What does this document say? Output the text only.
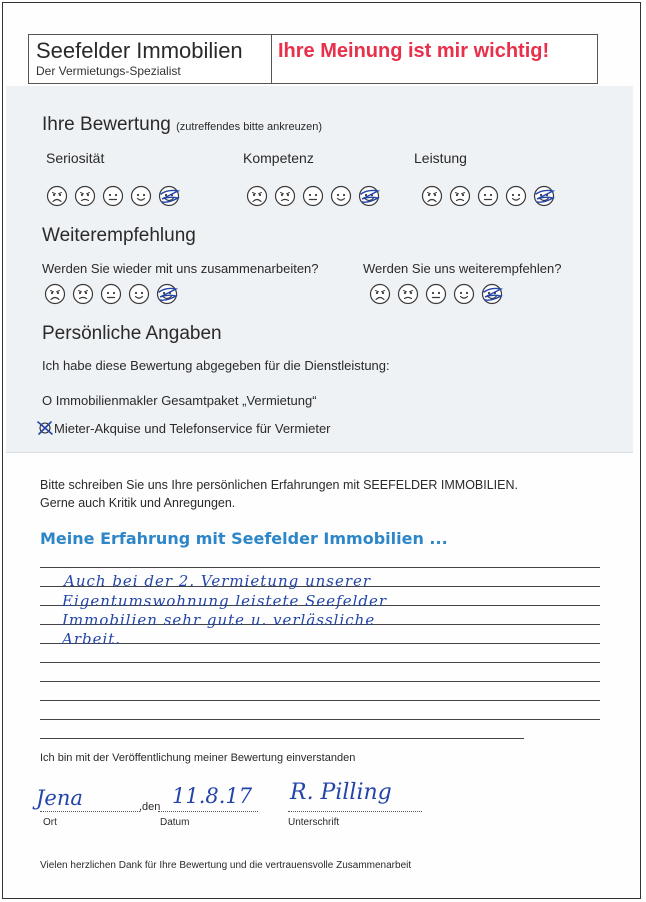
Seefelder Immobilien
Der Vermietungs-Spezialist
Ihre Meinung ist mir wichtig!
Ihre Bewertung (zutreffendes bitte ankreuzen)
Seriosität	Kompetenz	Leistung
Weiterempfehlung
Werden Sie wieder mit uns zusammenarbeiten?	Werden Sie uns weiterempfehlen?
Persönliche Angaben
Ich habe diese Bewertung abgegeben für die Dienstleistung:
O Immobilienmakler Gesamtpaket „Vermietung“
Mieter-Akquise und Telefonservice für Vermieter
Bitte schreiben Sie uns Ihre persönlichen Erfahrungen mit SEEFELDER IMMOBILIEN.
Gerne auch Kritik und Anregungen.
Meine Erfahrung mit Seefelder Immobilien ...
Auch bei der 2. Vermietung unserer
Eigentumswohnung leistete Seefelder
Immobilien sehr gute u. verlässliche
Arbeit.
Ich bin mit der Veröffentlichung meiner Bewertung einverstanden
Jena	,den 11.8.17 R. Pilling
Ort	Datum	Unterschrift
Vielen herzlichen Dank für Ihre Bewertung und die vertrauensvolle Zusammenarbeit
